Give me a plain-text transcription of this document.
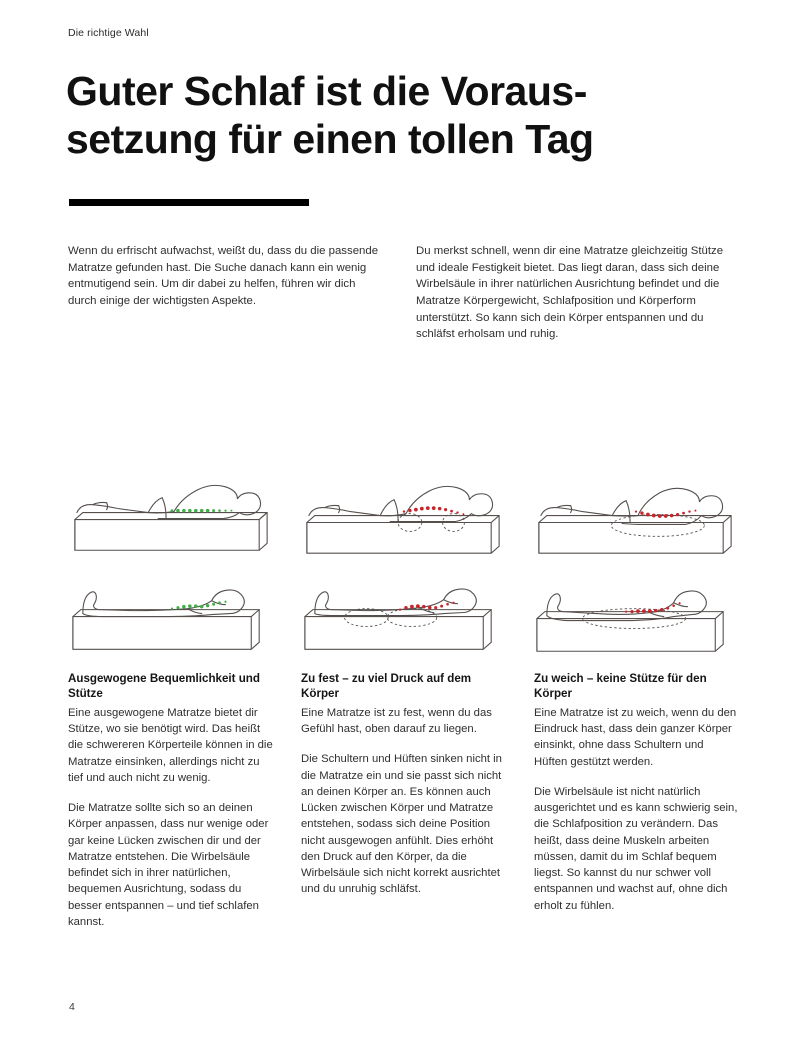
Die richtige Wahl
Guter Schlaf ist die Voraus-
setzung für einen tollen Tag

Wenn du erfrischt aufwachst, weißt du, dass du die passende Matratze gefunden hast. Die Suche danach kann ein wenig entmutigend sein. Um dir dabei zu helfen, führen wir dich durch einige der wichtigsten Aspekte.

Du merkst schnell, wenn dir eine Matratze gleichzeitig Stütze und ideale Festigkeit bietet. Das liegt daran, dass sich deine Wirbelsäule in ihrer natürlichen Ausrichtung befindet und die Matratze Körpergewicht, Schlafposition und Körperform unterstützt. So kann sich dein Körper entspannen und du schläfst erholsam und ruhig.

Ausgewogene Bequemlichkeit und Stütze

Eine ausgewogene Matratze bietet dir Stütze, wo sie benötigt wird. Das heißt die schwereren Körperteile können in die Matratze einsinken, allerdings nicht zu tief und auch nicht zu wenig.

Die Matratze sollte sich so an deinen Körper anpassen, dass nur wenige oder gar keine Lücken zwischen dir und der Matratze entstehen. Die Wirbelsäule befindet sich in ihrer natürlichen, bequemen Ausrichtung, sodass du besser entspannen – und tief schlafen kannst.

Zu fest – zu viel Druck auf dem Körper

Eine Matratze ist zu fest, wenn du das Gefühl hast, oben darauf zu liegen.

Die Schultern und Hüften sinken nicht in die Matratze ein und sie passt sich nicht an deinen Körper an. Es können auch Lücken zwischen Körper und Matratze entstehen, sodass sich deine Position nicht ausgewogen anfühlt. Dies erhöht den Druck auf den Körper, da die Wirbelsäule sich nicht korrekt ausrichtet und du unruhig schläfst.

Zu weich – keine Stütze für den Körper

Eine Matratze ist zu weich, wenn du den Eindruck hast, dass dein ganzer Körper einsinkt, ohne dass Schultern und Hüften gestützt werden.

Die Wirbelsäule ist nicht natürlich ausgerichtet und es kann schwierig sein, die Schlafposition zu verändern. Das heißt, dass deine Muskeln arbeiten müssen, damit du im Schlaf bequem liegst. So kannst du nur schwer voll entspannen und wachst auf, ohne dich erholt zu fühlen.

4
